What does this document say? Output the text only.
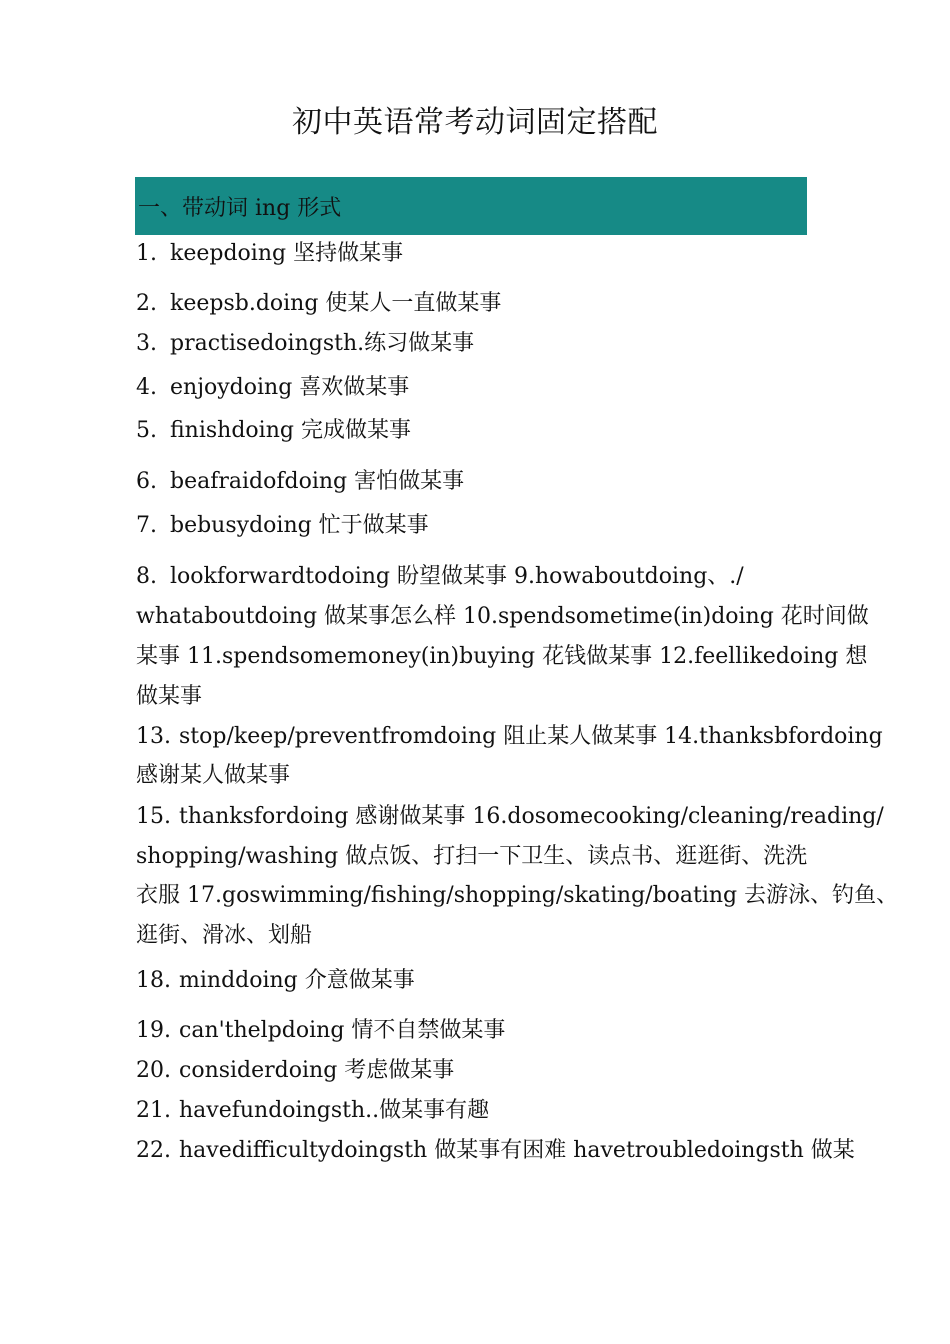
初中英语常考动词固定搭配
一、带动词 ing 形式
1. keepdoing 坚持做某事
2. keepsb.doing 使某人一直做某事
3. practisedoingsth.练习做某事
4. enjoydoing 喜欢做某事
5. finishdoing 完成做某事
6. beafraidofdoing 害怕做某事
7. bebusydoing 忙于做某事
8. lookforwardtodoing 盼望做某事 9.howaboutdoing、./
whataboutdoing 做某事怎么样 10.spendsometime(in)doing 花时间做
某事 11.spendsomemoney(in)buying 花钱做某事 12.feellikedoing 想
做某事
13. stop/keep/preventfromdoing 阻止某人做某事 14.thanksbfordoing
感谢某人做某事
15. thanksfordoing 感谢做某事 16.dosomecooking/cleaning/reading/
shopping/washing 做点饭、打扫一下卫生、读点书、逛逛街、洗洗
衣服 17.goswimming/fishing/shopping/skating/boating 去游泳、钓鱼、
逛街、滑冰、划船
18. minddoing 介意做某事
19. can'thelpdoing 情不自禁做某事
20. considerdoing 考虑做某事
21. havefundoingsth..做某事有趣
22. havedifficultydoingsth 做某事有困难 havetroubledoingsth 做某
